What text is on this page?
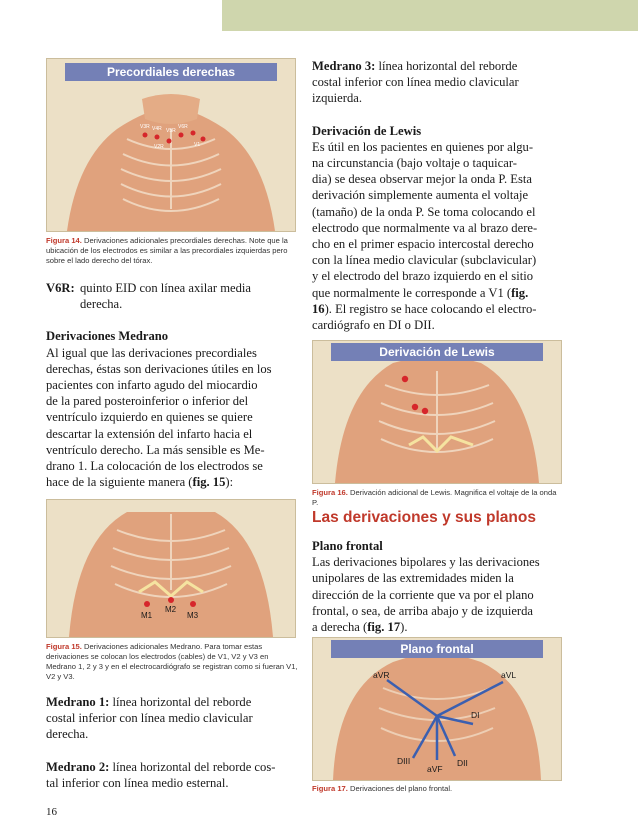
Precordiales derechas
Figura 14. Derivaciones adicionales precordiales derechas. Note que la ubicación de los electrodos es similar a las precordiales izquierdas pero sobre el lado derecho del tórax.

V6R: quinto EID con línea axilar media
derecha.

Derivaciones Medrano

Al igual que las derivaciones precordiales
derechas, éstas son derivaciones útiles en los
pacientes con infarto agudo del miocardio
de la pared posteroinferior o inferior del
ventrículo izquierdo en quienes se quiere
descartar la extensión del infarto hacia el
ventrículo derecho. La más sensible es Me-
drano 1. La colocación de los electrodos se
hace de la siguiente manera (fig. 15):

M1
M2
M3
Figura 15. Derivaciones adicionales Medrano. Para tomar estas derivaciones se colocan los electrodos (cables) de V1, V2 y V3 en Medrano 1, 2 y 3 y en el electrocardiógrafo se registran como si fueran V1, V2 y V3.

Medrano 1: línea horizontal del reborde
costal inferior con línea medio clavicular
derecha.

Medrano 2: línea horizontal del reborde cos-
tal inferior con línea medio esternal.

16

Medrano 3: línea horizontal del reborde
costal inferior con línea medio clavicular
izquierda.

Derivación de Lewis

Es útil en los pacientes en quienes por algu-
na circunstancia (bajo voltaje o taquicar-
dia) se desea observar mejor la onda P. Esta
derivación simplemente aumenta el voltaje
(tamaño) de la onda P. Se toma colocando el
electrodo que normalmente va al brazo dere-
cho en el primer espacio intercostal derecho
con la línea medio clavicular (subclavicular)
y el electrodo del brazo izquierdo en el sitio
que normalmente le corresponde a V1 (fig.
16). El registro se hace colocando el electro-
cardiógrafo en DI o DII.

Derivación de Lewis
Figura 16. Derivación adicional de Lewis. Magnifica el voltaje de la onda P.
Las derivaciones y sus planos

Plano frontal

Las derivaciones bipolares y las derivaciones
unipolares de las extremidades miden la
dirección de la corriente que va por el plano
frontal, o sea, de arriba abajo y de izquierda
a derecha (fig. 17).

aVR	aVL
DI
DIII
aVF
DII
Plano frontal
Figura 17. Derivaciones del plano frontal.
V6R
V5R
V4R
V3R
V2R	V1
